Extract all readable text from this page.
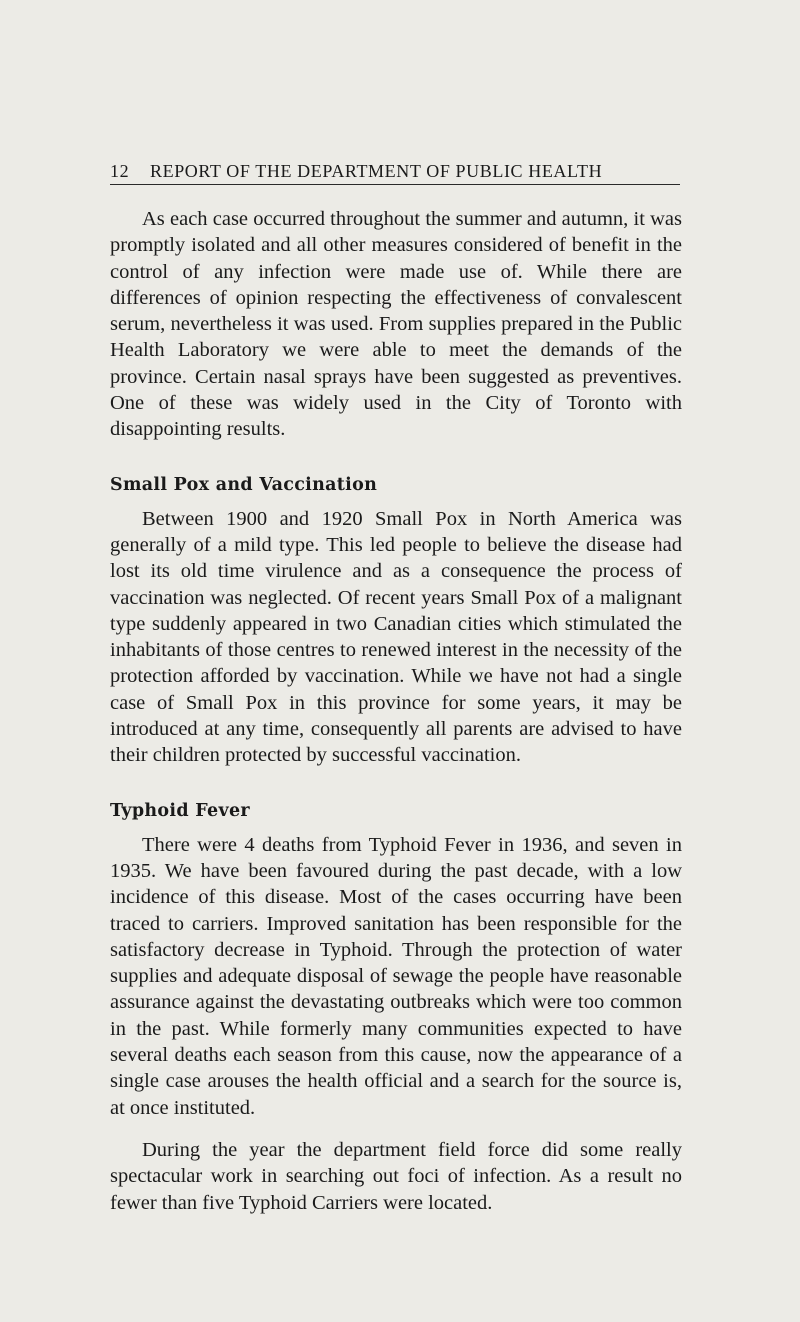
12 REPORT OF THE DEPARTMENT OF PUBLIC HEALTH

As each case occurred throughout the summer and autumn, it was promptly isolated and all other measures considered of benefit in the control of any infection were made use of. While there are differences of opinion respecting the effectiveness of convalescent serum, nevertheless it was used. From supplies prepared in the Public Health Laboratory we were able to meet the demands of the province. Certain nasal sprays have been suggested as preventives. One of these was widely used in the City of Toronto with disappointing results.

Small Pox and Vaccination

Between 1900 and 1920 Small Pox in North America was generally of a mild type. This led people to believe the disease had lost its old time virulence and as a consequence the process of vaccination was neglected. Of recent years Small Pox of a malignant type suddenly appeared in two Canadian cities which stimulated the inhabitants of those centres to renewed interest in the necessity of the protection afforded by vaccination. While we have not had a single case of Small Pox in this province for some years, it may be introduced at any time, consequently all parents are advised to have their children protected by successful vaccination.

Typhoid Fever

There were 4 deaths from Typhoid Fever in 1936, and seven in 1935. We have been favoured during the past decade, with a low incidence of this disease. Most of the cases occurring have been traced to carriers. Improved sanitation has been responsible for the satisfactory decrease in Typhoid. Through the protection of water supplies and adequate disposal of sewage the people have reasonable assurance against the devastating outbreaks which were too common in the past. While formerly many communities expected to have several deaths each season from this cause, now the appearance of a single case arouses the health official and a search for the source is, at once instituted.

During the year the department field force did some really spectacular work in searching out foci of infection. As a result no fewer than five Typhoid Carriers were located.
